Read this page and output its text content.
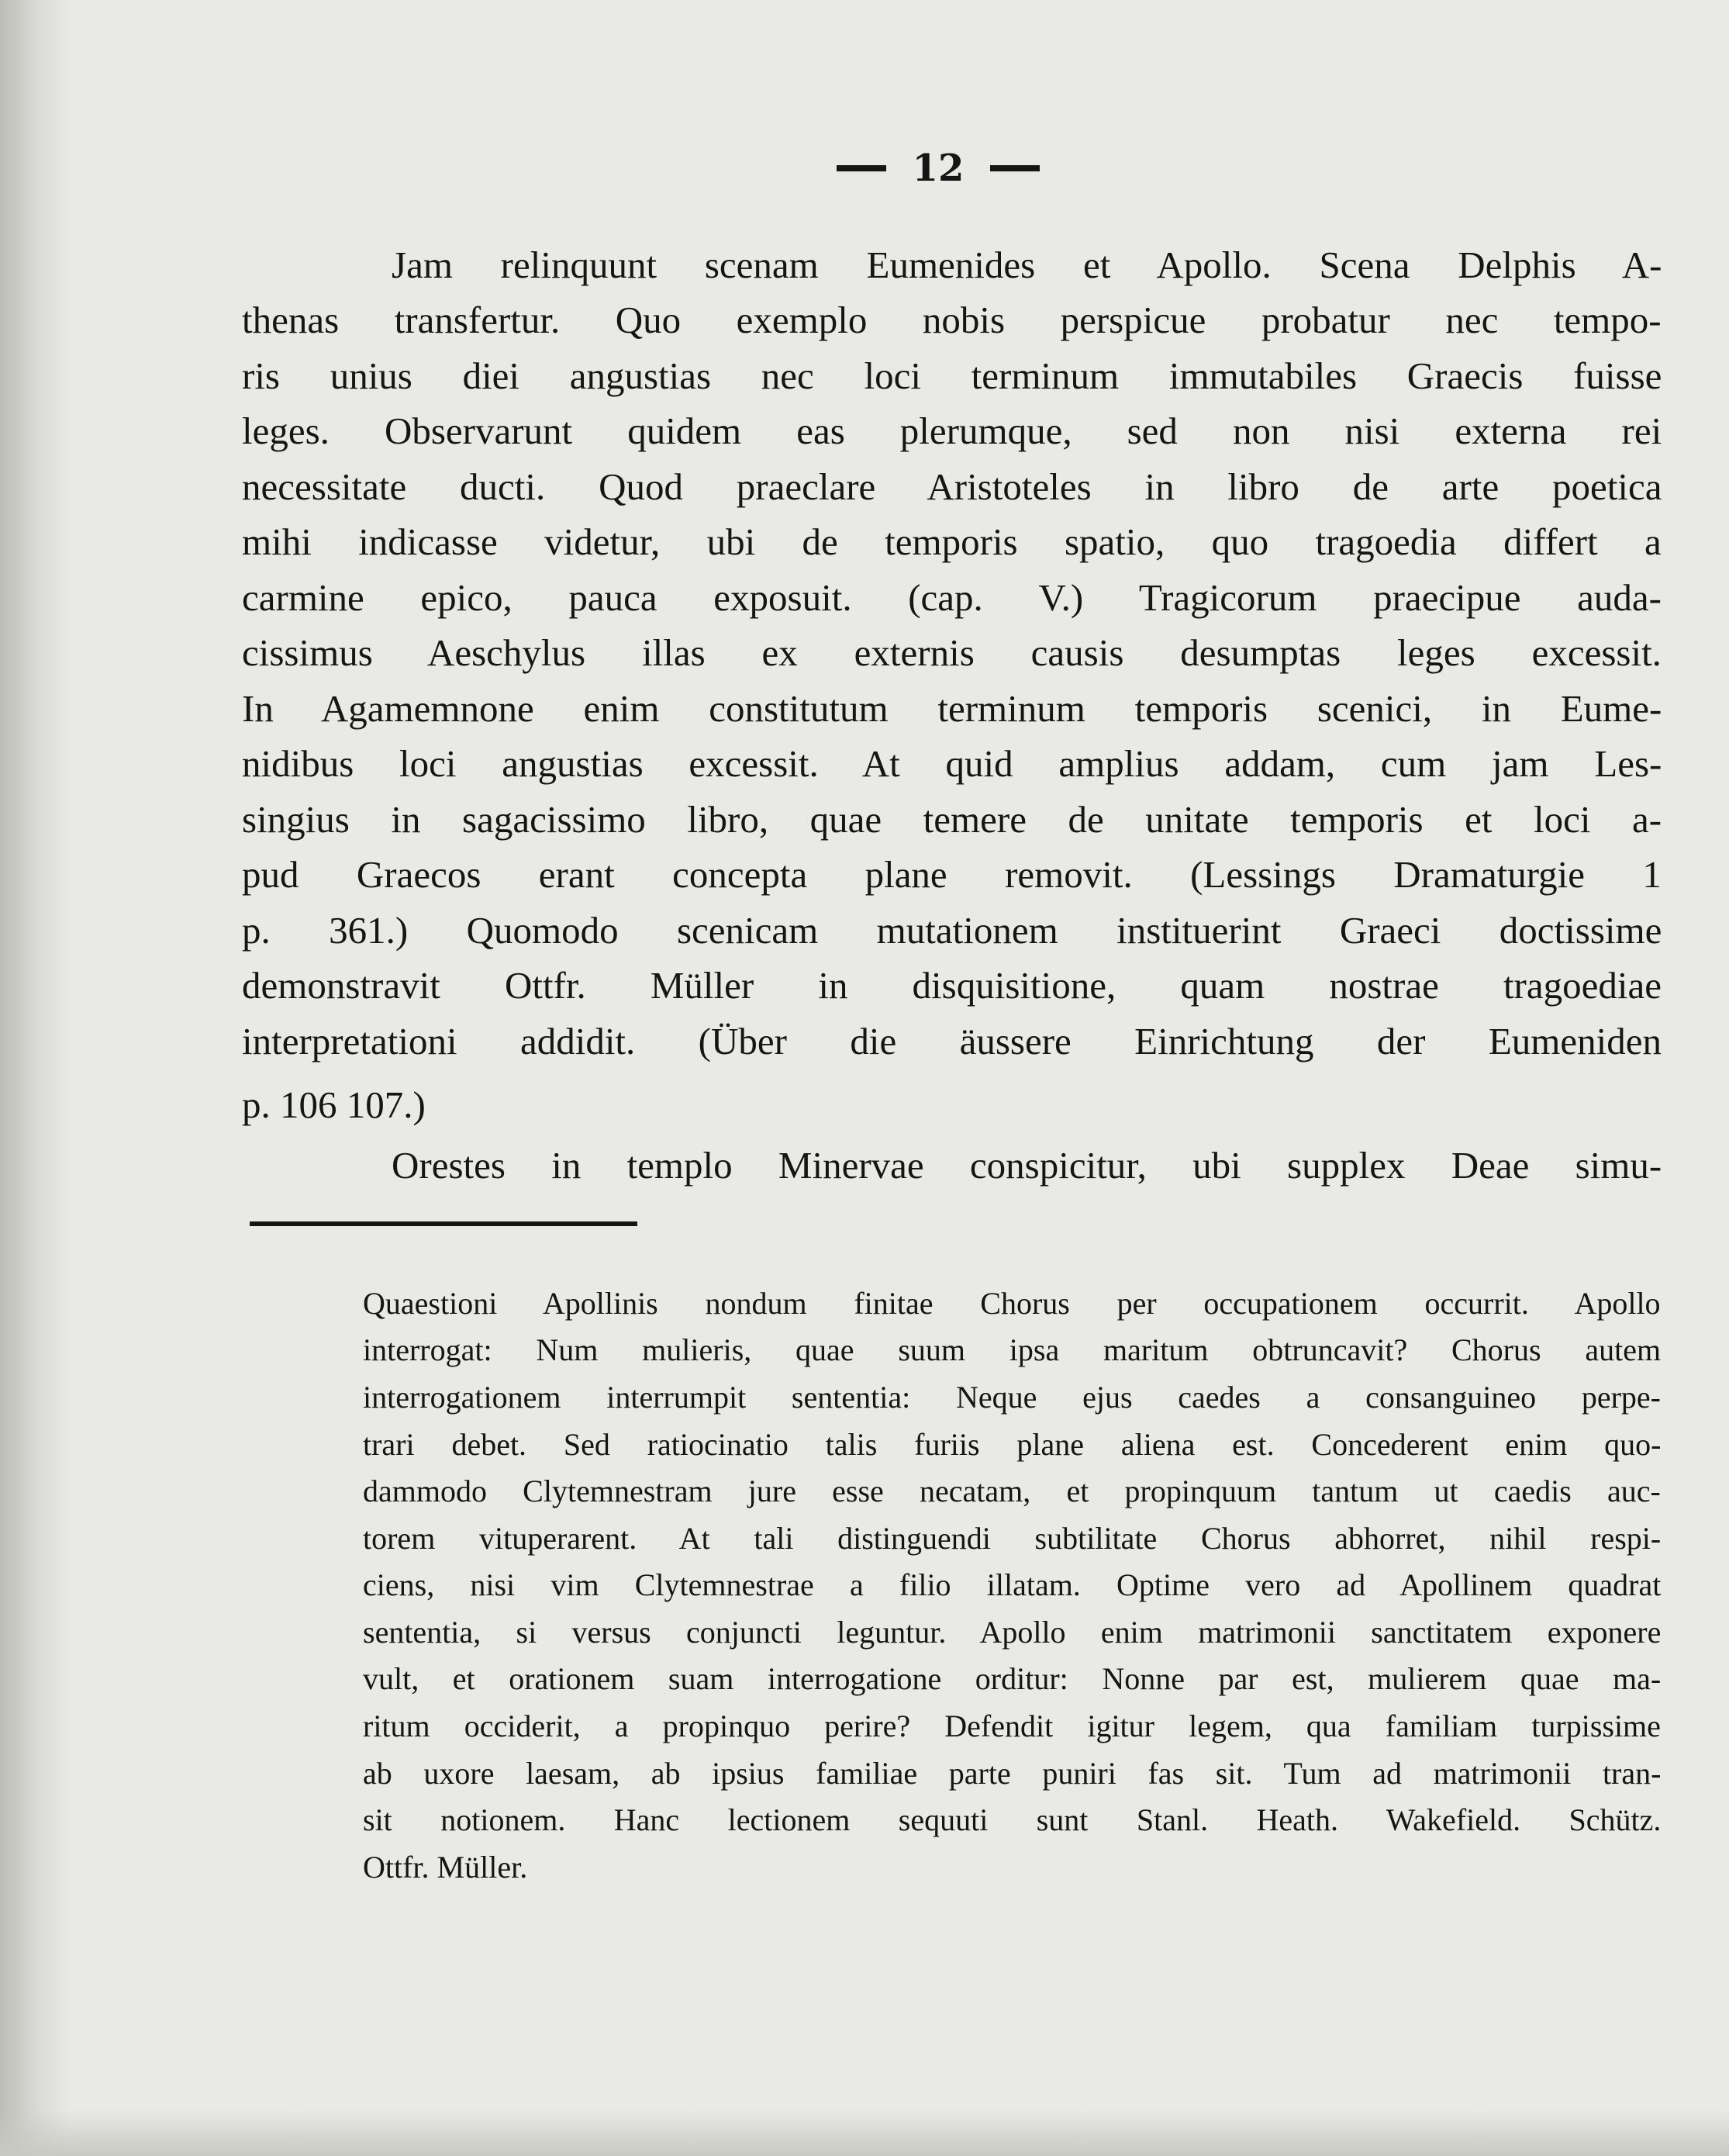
12
Jam relinquunt scenam Eumenides et Apollo. Scena Delphis A-
thenas transfertur. Quo exemplo nobis perspicue probatur nec tempo-
ris unius diei angustias nec loci terminum immutabiles Graecis fuisse
leges. Observarunt quidem eas plerumque, sed non nisi externa rei
necessitate ducti. Quod praeclare Aristoteles in libro de arte poetica
mihi indicasse videtur, ubi de temporis spatio, quo tragoedia differt a
carmine epico, pauca exposuit. (cap. V.) Tragicorum praecipue auda-
cissimus Aeschylus illas ex externis causis desumptas leges excessit.
In Agamemnone enim constitutum terminum temporis scenici, in Eume-
nidibus loci angustias excessit. At quid amplius addam, cum jam Les-
singius in sagacissimo libro, quae temere de unitate temporis et loci a-
pud Graecos erant concepta plane removit. (Lessings Dramaturgie 1
p. 361.) Quomodo scenicam mutationem instituerint Graeci doctissime
demonstravit Ottfr. Müller in disquisitione, quam nostrae tragoediae
interpretationi addidit. (Über die äussere Einrichtung der Eumeniden
p. 106 107.)
Orestes in templo Minervae conspicitur, ubi supplex Deae simu-
Quaestioni Apollinis nondum finitae Chorus per occupationem occurrit. Apollo
interrogat: Num mulieris, quae suum ipsa maritum obtruncavit? Chorus autem
interrogationem interrumpit sententia: Neque ejus caedes a consanguineo perpe-
trari debet. Sed ratiocinatio talis furiis plane aliena est. Concederent enim quo-
dammodo Clytemnestram jure esse necatam, et propinquum tantum ut caedis auc-
torem vituperarent. At tali distinguendi subtilitate Chorus abhorret, nihil respi-
ciens, nisi vim Clytemnestrae a filio illatam. Optime vero ad Apollinem quadrat
sententia, si versus conjuncti leguntur. Apollo enim matrimonii sanctitatem exponere
vult, et orationem suam interrogatione orditur: Nonne par est, mulierem quae ma-
ritum occiderit, a propinquo perire? Defendit igitur legem, qua familiam turpissime
ab uxore laesam, ab ipsius familiae parte puniri fas sit. Tum ad matrimonii tran-
sit notionem. Hanc lectionem sequuti sunt Stanl. Heath. Wakefield. Schütz.
Ottfr. Müller.
